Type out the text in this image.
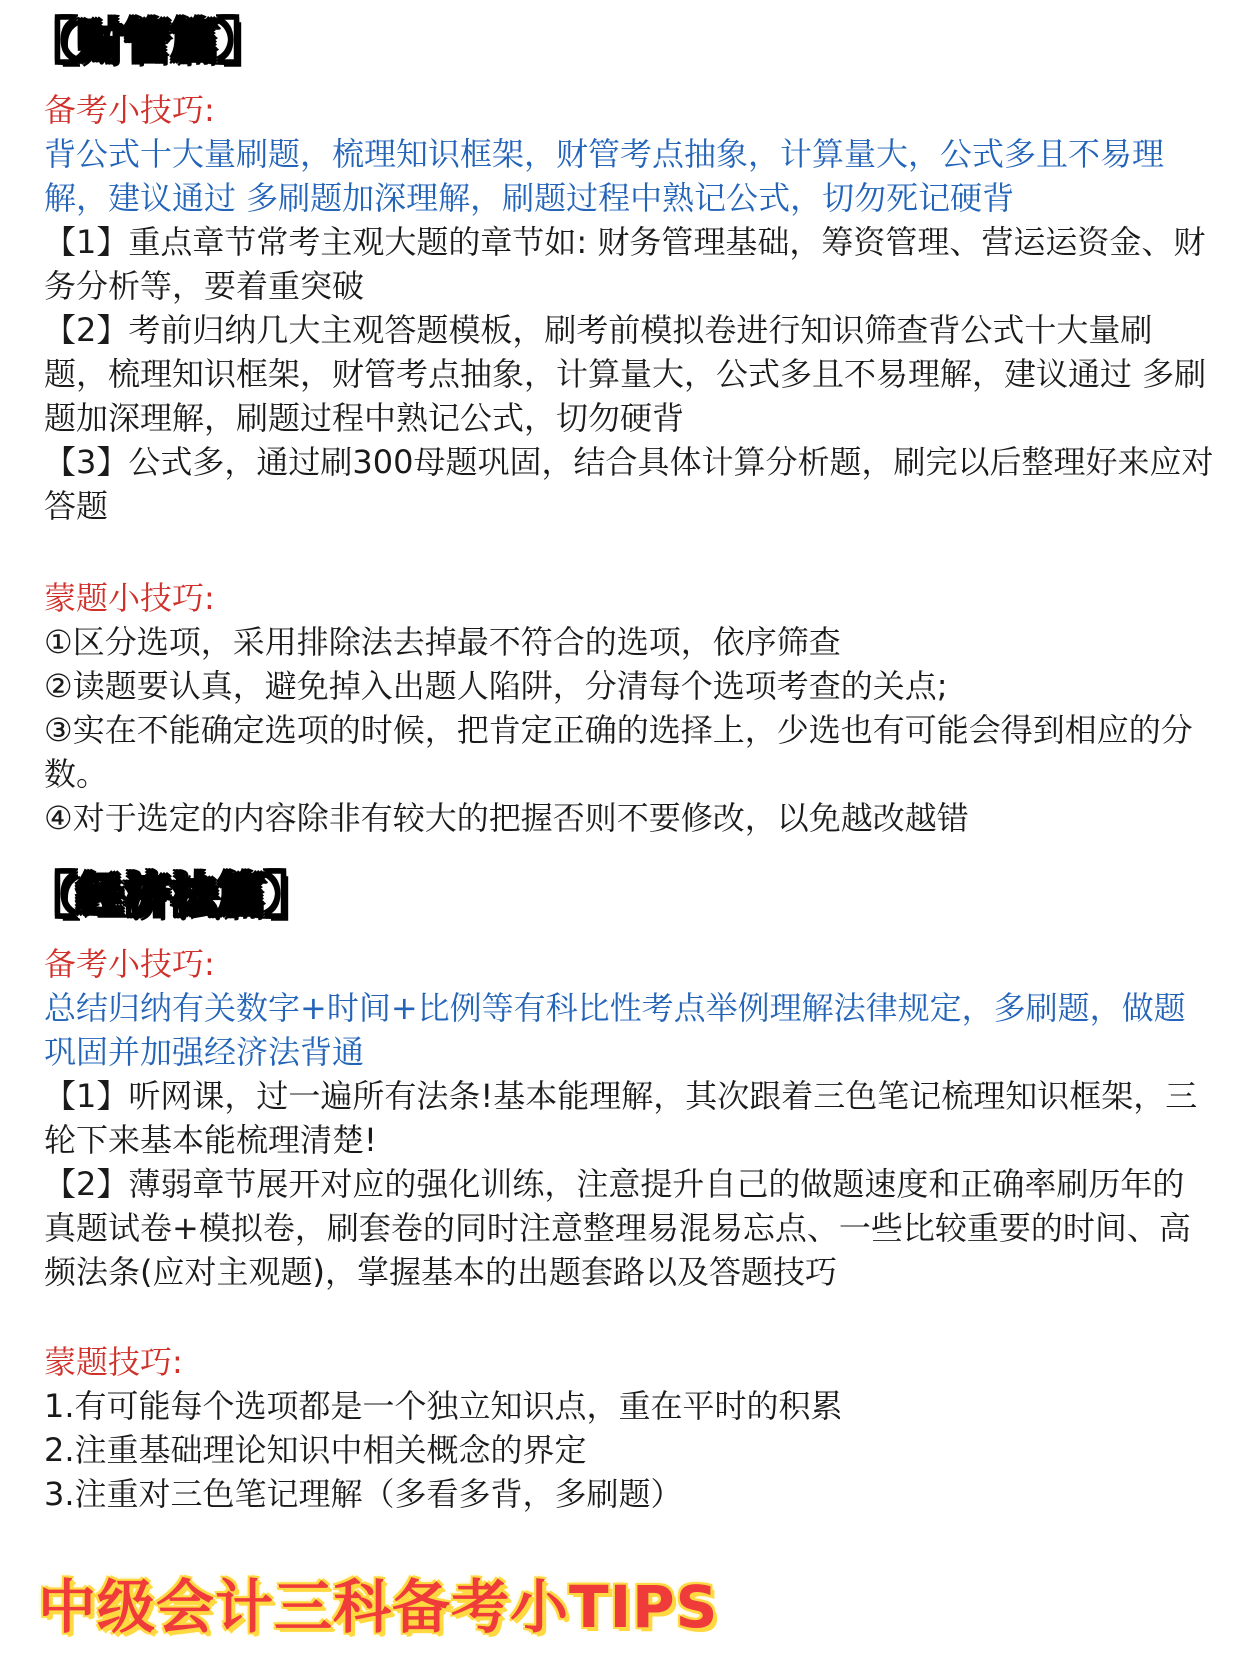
【财管篇】

备考小技巧:

背公式十大量刷题，梳理知识框架，财管考点抽象，计算量大，公式多且不易理解，建议通过 多刷题加深理解，刷题过程中熟记公式，切勿死记硬背

【1】重点章节常考主观大题的章节如: 财务管理基础，筹资管理、营运运资金、财务分析等，要着重突破

【2】考前归纳几大主观答题模板，刷考前模拟卷进行知识筛查背公式十大量刷题，梳理知识框架，财管考点抽象，计算量大，公式多且不易理解，建议通过 多刷题加深理解，刷题过程中熟记公式，切勿硬背

【3】公式多，通过刷300母题巩固，结合具体计算分析题，刷完以后整理好来应对答题

蒙题小技巧:

①区分选项，采用排除法去掉最不符合的选项，依序筛查

②读题要认真，避免掉入出题人陷阱，分清每个选项考查的关点;

③实在不能确定选项的时候，把肯定正确的选择上，少选也有可能会得到相应的分数。

④对于选定的内容除非有较大的把握否则不要修改，以免越改越错

【经济法篇】

备考小技巧:

总结归纳有关数字+时间+比例等有科比性考点举例理解法律规定，多刷题，做题巩固并加强经济法背通

【1】听网课，过一遍所有法条!基本能理解，其次跟着三色笔记梳理知识框架，三轮下来基本能梳理清楚!

【2】薄弱章节展开对应的强化训练，注意提升自己的做题速度和正确率刷历年的真题试卷+模拟卷，刷套卷的同时注意整理易混易忘点、一些比较重要的时间、高频法条(应对主观题)，掌握基本的出题套路以及答题技巧

蒙题技巧:

1.有可能每个选项都是一个独立知识点，重在平时的积累

2.注重基础理论知识中相关概念的界定

3.注重对三色笔记理解（多看多背，多刷题）

中级会计三科备考小TIPS
